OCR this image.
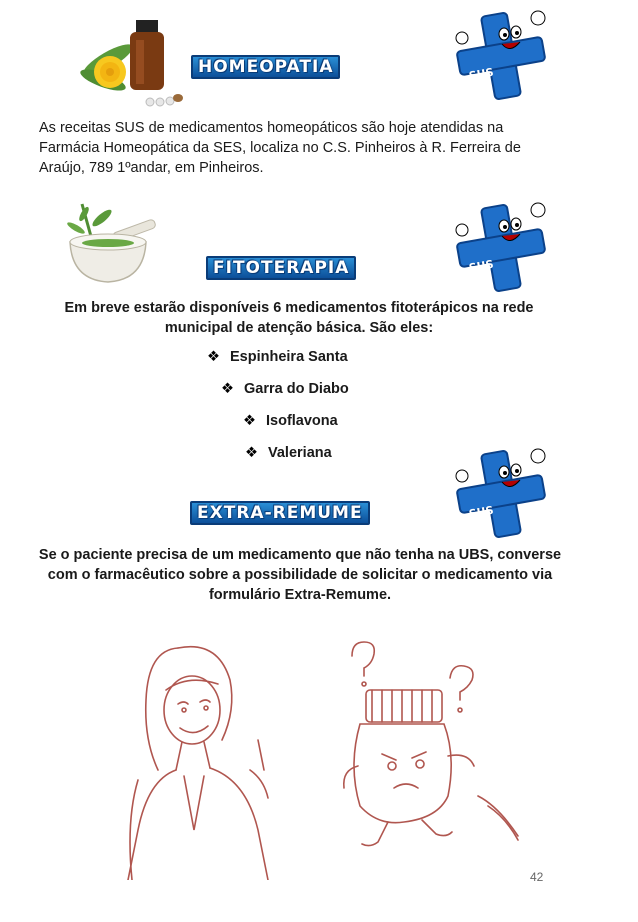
HOMEOPATIA	SUS
As receitas SUS de medicamentos homeopáticos são hoje atendidas na Farmácia Homeopática da SES, localiza no C.S. Pinheiros à R. Ferreira de Araújo, 789 1ºandar, em Pinheiros.
SUS
FITOTERAPIA
Em breve estarão disponíveis 6 medicamentos fitoterápicos na rede municipal de atenção básica. São eles:
❖ Espinheira Santa
❖ Garra do Diabo
❖ Isoflavona
❖ Valeriana
SUS
EXTRA-REMUME
Se o paciente precisa de um medicamento que não tenha na UBS, converse com o farmacêutico sobre a possibilidade de solicitar o medicamento via formulário Extra-Remume.
42
